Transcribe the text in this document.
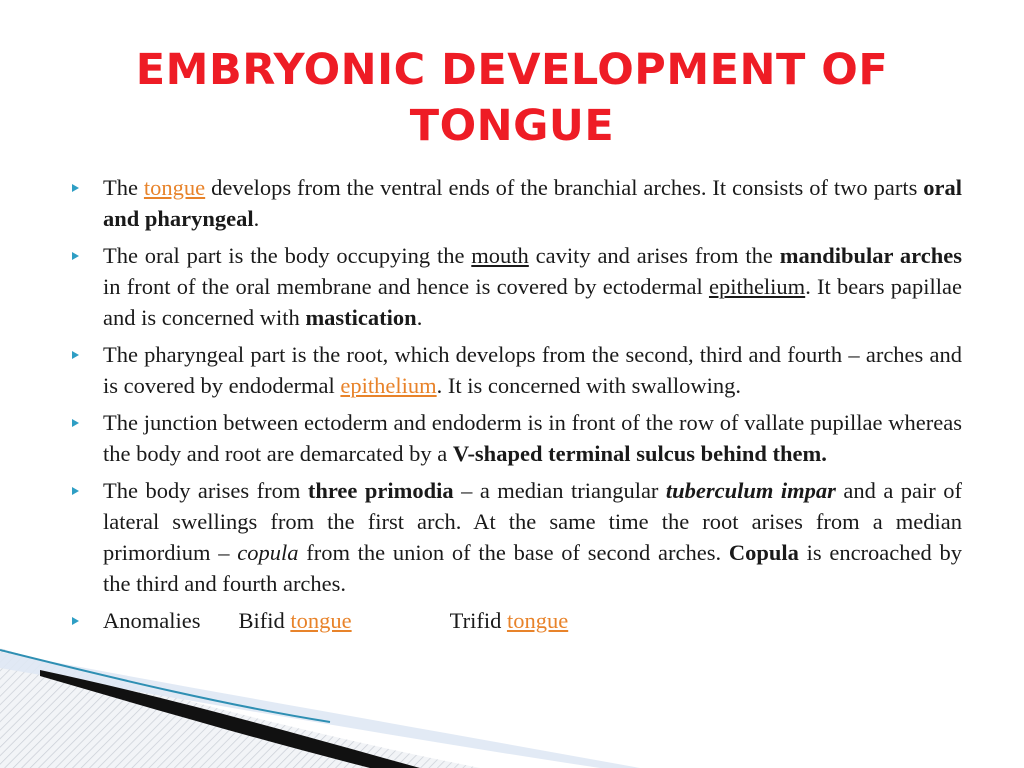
EMBRYONIC DEVELOPMENT OF
TONGUE
The tongue develops from the ventral ends of the branchial arches. It consists of two parts oral and pharyngeal.
The oral part is the body occupying the mouth cavity and arises from the mandibular arches in front of the oral membrane and hence is covered by ectodermal epithelium. It bears papillae and is concerned with mastication.
The pharyngeal part is the root, which develops from the second, third and fourth – arches and is covered by endodermal epithelium. It is concerned with swallowing.
The junction between ectoderm and endoderm is in front of the row of vallate pupillae whereas the body and root are demarcated by a V-shaped terminal sulcus behind them.
The body arises from three primodia – a median triangular tuberculum impar and a pair of lateral swellings from the first arch. At the same time the root arises from a median primordium – copula from the union of the base of second arches. Copula is encroached by the third and fourth arches.
Anomalies Bifid tongue	Trifid tongue
